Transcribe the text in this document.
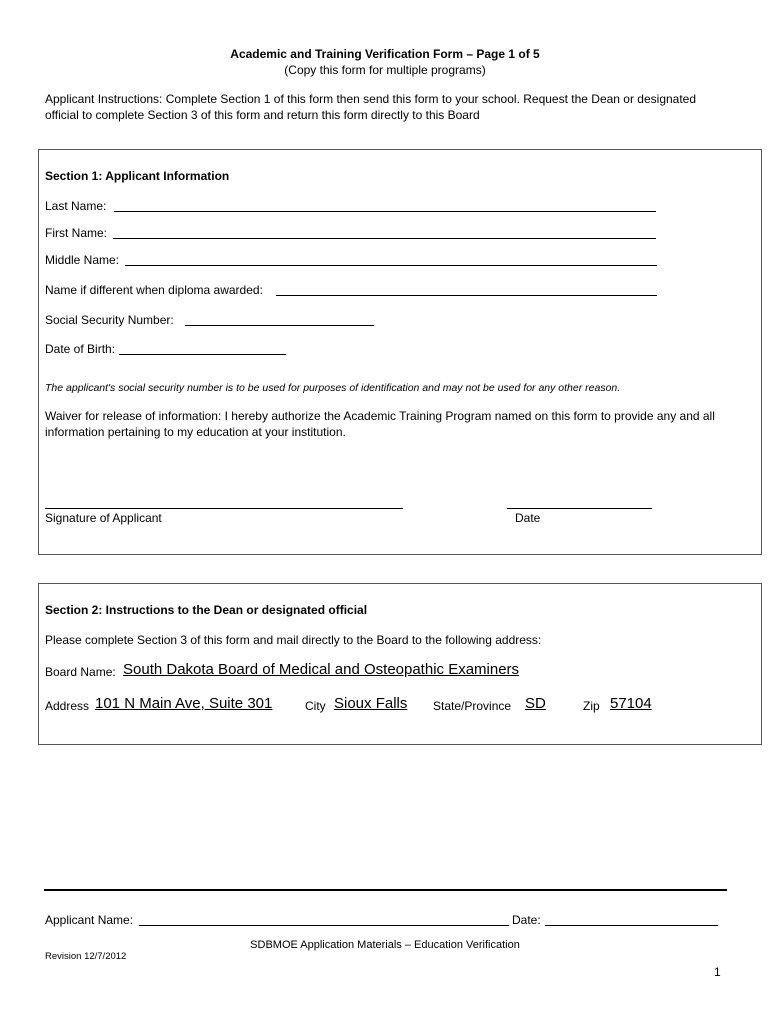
Academic and Training Verification Form – Page 1 of 5
(Copy this form for multiple programs)
Applicant Instructions: Complete Section 1 of this form then send this form to your school. Request the Dean or designated official to complete Section 3 of this form and return this form directly to this Board
Section 1: Applicant Information
Last Name:
First Name:
Middle Name:
Name if different when diploma awarded:
Social Security Number:
Date of Birth:
The applicant's social security number is to be used for purposes of identification and may not be used for any other reason.
Waiver for release of information: I hereby authorize the Academic Training Program named on this form to provide any and all information pertaining to my education at your institution.
Signature of Applicant	Date
Section 2: Instructions to the Dean or designated official
Please complete Section 3 of this form and mail directly to the Board to the following address:
Board Name: South Dakota Board of Medical and Osteopathic Examiners
Address 101 N Main Ave, Suite 301	City Sioux Falls State/Province SD	Zip 57104
Applicant Name:	Date:
SDBMOE Application Materials – Education Verification
Revision 12/7/2012
1
